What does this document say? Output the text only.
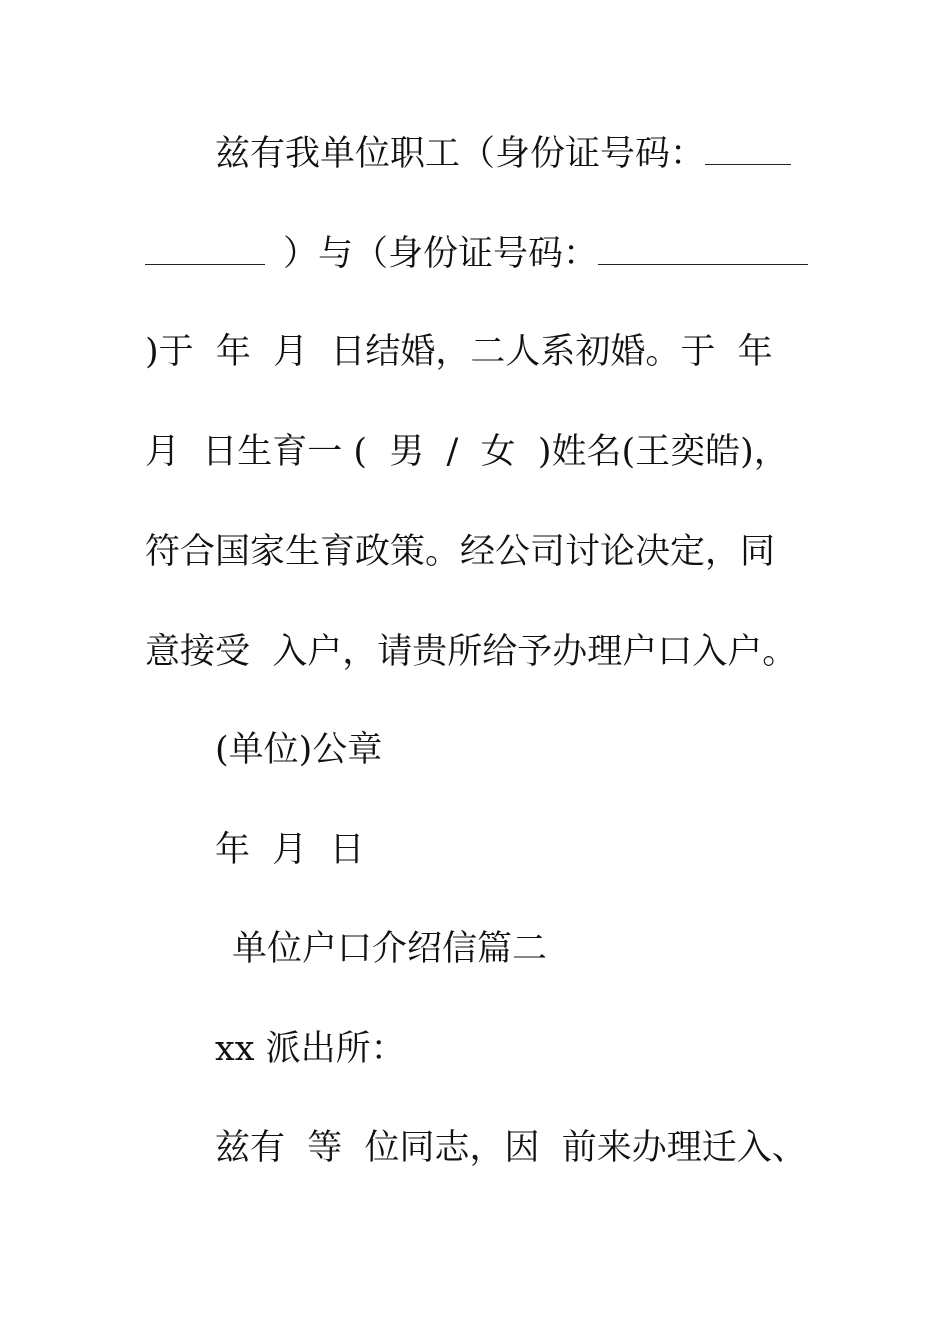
兹有我单位职工（身份证号码：
）与（身份证号码：
)于  年  月  日结婚，二人系初婚。于  年
月  日生育一 (  男  /  女  )姓名(王奕皓)，
符合国家生育政策。经公司讨论决定，同
意接受  入户，请贵所给予办理户口入户。
(单位)公章
年  月  日
单位户口介绍信篇二
xx 派出所：
兹有  等  位同志，因  前来办理迁入、
